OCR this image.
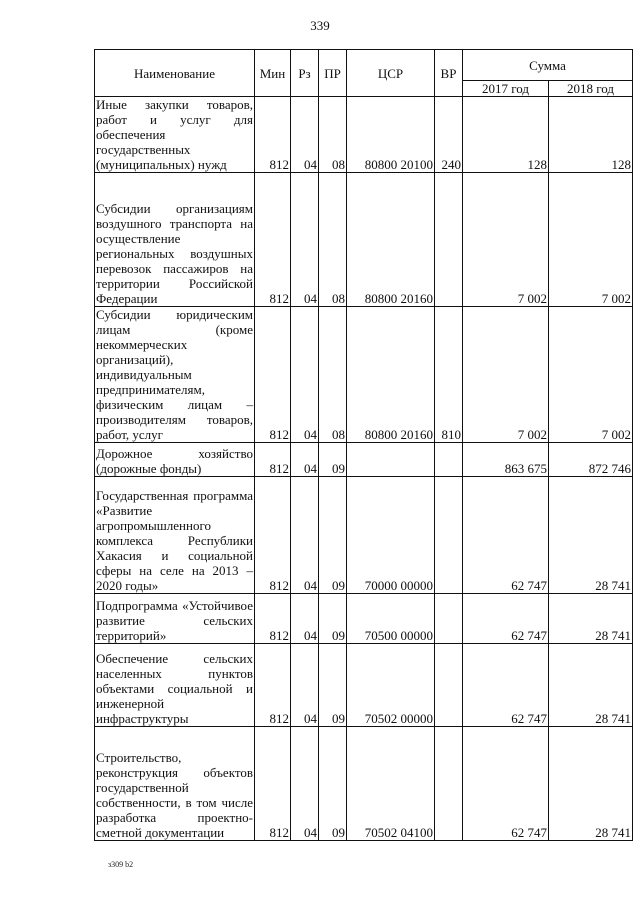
339
Наименование	Мин	Рз	ПР	ЦСР	ВР	Сумма	
						2017 год	2018 год
Иные закупки товаров, работ и услуг для обеспечения государственных (муниципальных) нужд	812	04	08	80800 20100	240	128	128
Субсидии организациям воздушного транспорта на осуществление региональных воздушных перевозок пассажиров на территории Российской Федерации	812	04	08	80800 20160		7 002	7 002
Субсидии юридическим лицам (кроме некоммерческих организаций), индивидуальным предпринимателям, физическим лицам – производителям товаров, работ, услуг	812	04	08	80800 20160	810	7 002	7 002
Дорожное хозяйство (дорожные фонды)	812	04	09			863 675	872 746
Государственная программа «Развитие агропромышленного комплекса Республики Хакасия и социальной сферы на селе на 2013 – 2020 годы»	812	04	09	70000 00000		62 747	28 741
Подпрограмма «Устойчивое развитие сельских территорий»	812	04	09	70500 00000		62 747	28 741
Обеспечение сельских населенных пунктов объектами социальной и инженерной инфраструктуры	812	04	09	70502 00000		62 747	28 741
Строительство, реконструкция объектов государственной собственности, в том числе разработка проектно-сметной документации	812	04	09	70502 04100		62 747	28 741
з309 b2
